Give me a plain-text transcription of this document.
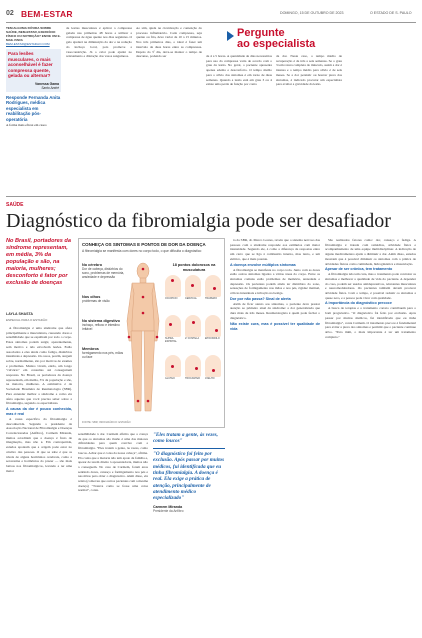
02 BEM-ESTAR	DOMINGO, 15 DE OUTUBRO DE 2023	O ESTADO DE S. PAULO
TEM ALGUMA DÚVIDA SOBRE SAÚDE, BEM-ESTAR, EXERCÍCIO FÍSICO OU NUTRIÇÃO? ENVIE UM E-MAIL PARA
BEM-ESTAR@ESTADAO.COM
Para lesões musculares, o mais aconselhável é fazer compressa quente, gelada ou alternar?
Vanessa Gama
Santo André
Responde Fernanda Anita Rodrigues, médica especialista em reabilitação pós-operatória
A forma mais eficaz em casos
Pergunte
ao especialista
de lesões musculares é aplicar a compressa gelada nas primeiras 48 horas e utilizar a compressa de água quente nos dias seguintes. O gelo ajudará na diminuição da dor e na redução do inchaço local, pois promove a vasoconstrição. Já o calor pode ajudar no relaxamento e dilatação dos vasos sanguíneos.
Ao sim, ajuda na cicatrização e contenção do processo inflamatório. Cada compressa, seja quente ou fria, deve variar de 10 a 15 minutos. Nos três primeiros dias, o ideal é fazer um intervalo de duas horas entre as compressas. Depois do 3º dia, deve-se manter o tempo de descanso, podendo ser	de 4 a 5 horas. A quantidade de dias necessários para uso da compressa varia de acordo com o grau da lesão. No geral, o paciente apresenta apenas edema e desconforto. O tempo médio para o alívio dos sintomas é em torno de duas semanas. Quando a lesão está em grau 3 ou 4 existe uma perda de função por conta
da dor. Neste caso, o tempo médio de recuperação é de três a seis semanas. Se o grau 3 tem rotura completa do músculo, assim a dor é intensa e o tempo médio para alívio é de seis meses. Se a dor persistir ou houver piora dos sintomas, é indicado procurar um especialista para avaliar a gravidade da lesão.
SAÚDE
Diagnóstico da fibromialgia pode ser desafiador
No Brasil, portadores da síndrome representam, em média, 3% da população e são, na maioria, mulheres; desconforto é fator por exclusão de doenças
LAYLA SHASTA
ESPECIAL PARA O ESTADÃO

A fibromialgia é uma síndrome que afeta principalmente a musculatura, causando dores e sensibilidade que se espalham por todo o corpo. Estes sintomas podem surgir, aparentemente, sem motivo e não envolvem lesões. Estão associados a eles ainda como fadiga, distúrbios intestinais e depressão. Os ossos, porém, surgem sobre, normalmente, são por motivos de exames e problemas. Muitos vivem, então, um longo "calvário" em consultas até conseguirem respostas. No Brasil, os portadores da doença representam, em média, 3% da população e são, na maioria, mulheres. A estimativa é da Sociedade Brasileira de Reumatologia (SBR). Para entender melhor a síndrome e como ela afeta aqueles que você precisa saber sobre a fibromialgia, segundo os especialistas.

A causa da dor é pouco conhecida, mas é real

A causa específica da fibromialgia é desconhecida. Segundo a presidente da Associação Nacional de Fibromialgia e Doenças Correlacionadas (Anfibro), Carmem Miranda, muitos acreditam que a doença é fruto de imaginação, mas não é. Em contrapartida, estudos apontam que a origem pode estar no cérebro das pessoas. O que se sabe é que os níveis de alguns hormônios cerebrais, como a serotonina e hormônios do prazer — são mais baixos nos fibromialgicos, levando a ter uma maior

CONHEÇA OS SINTOMAS E PONTOS DE DOR DA DOENÇA
A fibromialgia se manifesta com dores no corpo todo, o que dificulta o diagnóstico
No cérebro
Dor de cabeça, distúrbios do sono, problemas de memória, ansiedade e depressão
Nos olhos
problemas de visão
No sistema digestivo
inchaço, refluxo e intestino irritável
Membros
formigamento nos pés, mãos ou face
18 pontos dolorosos na musculatura
OCCIPÍCIO	CERVICAL	TRAPÉZIO
SUPRA-ESPINHAL
2ª COSTELA	EPICÔNDILO
GLÚTEO	TROCANTER	JOELHO
FONTE: SBR; INFOGRÁFICO: ESTADÃO
sensibilidade à dor. Carmem afirma que a crença de que os sintomas são ilusão é uma das maiores dificuldades para quem convive com a fibromialgia. "Eles tratam a gente, às vezes, como loucos. Achar que é coisa da nossa cabeça", afirma. Ela conta que a maioria não tem apoio da família e, apesar de terem direito à aposentadoria, muitos não a conseguem. No caso de Carmem, foram anos sentindo dores, cansaço e formigamento nos pés e nas mãos para obter o diagnóstico. Além disso, ela relata (comoveu que outros pacientes com a mesma doença) "Tratava como se fosse uma coisa normal", conta.
"Eles tratam a gente, às vezes, como loucos"
"O diagnóstico foi feito por exclusão. Após passar por muitos médicos, fui identificada que eu tinha fibromialgia. A doença é real. Ela exige a prática de atenção, principalmente de atendimento médico especializado"
Carmem Miranda
Presidente da Anfibro

ta da SBR, dr. Marco Loures, revela que o sistema nervoso das pessoas com a síndrome responde aos estímulos com maior intensidade. Segundo ele, é como a diferença de respostas entre um carro que se liga à combustão interna, mas lento, e um elétrico, que é mais potente.

A doença envolve múltiplos sintomas

A fibromialgia se manifesta no corpo todo. Junto com as dores estão outros sintomas ligados a várias áreas do corpo. Entre os sintomas comuns estão problemas de memória, ansiedade e depressão. Os pacientes podem ainda ter distúrbios do sono, sensações de formigamento nas mãos e nos pés, rigidez matinal, cólicas intestinais e irritação na bexiga.

Dor por não passa? Sinal de alerta

Além de ficar atento aos sintomas, o paciente deve prestar atenção ao primeiro sinal da síndrome: a dor generalizada que dura mais de três meses. Reumatologista é quem pode fechar o diagnóstico.

Não existe cura, mas é possível ter qualidade de vida

São realizados fatores como: dor, cansaço e fadiga. A fibromialgia é tratada com remédios, atividade física e acompanhamento de uma equipe multidisciplinar. A indicação de alguns medicamentos ajuda a diminuir a dor. Além disso, estudos mostram que é possível diminuir os sintomas com a prática de atividades físicas como caminhada, hidroginástica e musculação.

Apesar de ser crônica, tem tratamento

A fibromialgia não tem cura, mas o tratamento pode controlar os sintomas e melhorar a qualidade de vida do paciente. A depender do caso, podem ser usados antidepressivos, relaxantes musculares e neuromoduladores. Os pacientes também devem procurar atividade física. Com o tempo, é possível reduzir os sintomas a quase zero, e a pessoa pode viver com qualidade.

A importância do diagnóstico precoce

A busca de terapias e o tratamento correto contribuem para o bom prognóstico. "O diagnóstico foi feito por exclusão. Após passar por muitos médicos, fui identificada que eu tinha fibromialgia", conta Carmem. O tratamento precoce é fundamental para evitar a piora dos sintomas e permitir que o paciente continue ativo. "Para mim, o mais importante é ter um tratamento completo."
